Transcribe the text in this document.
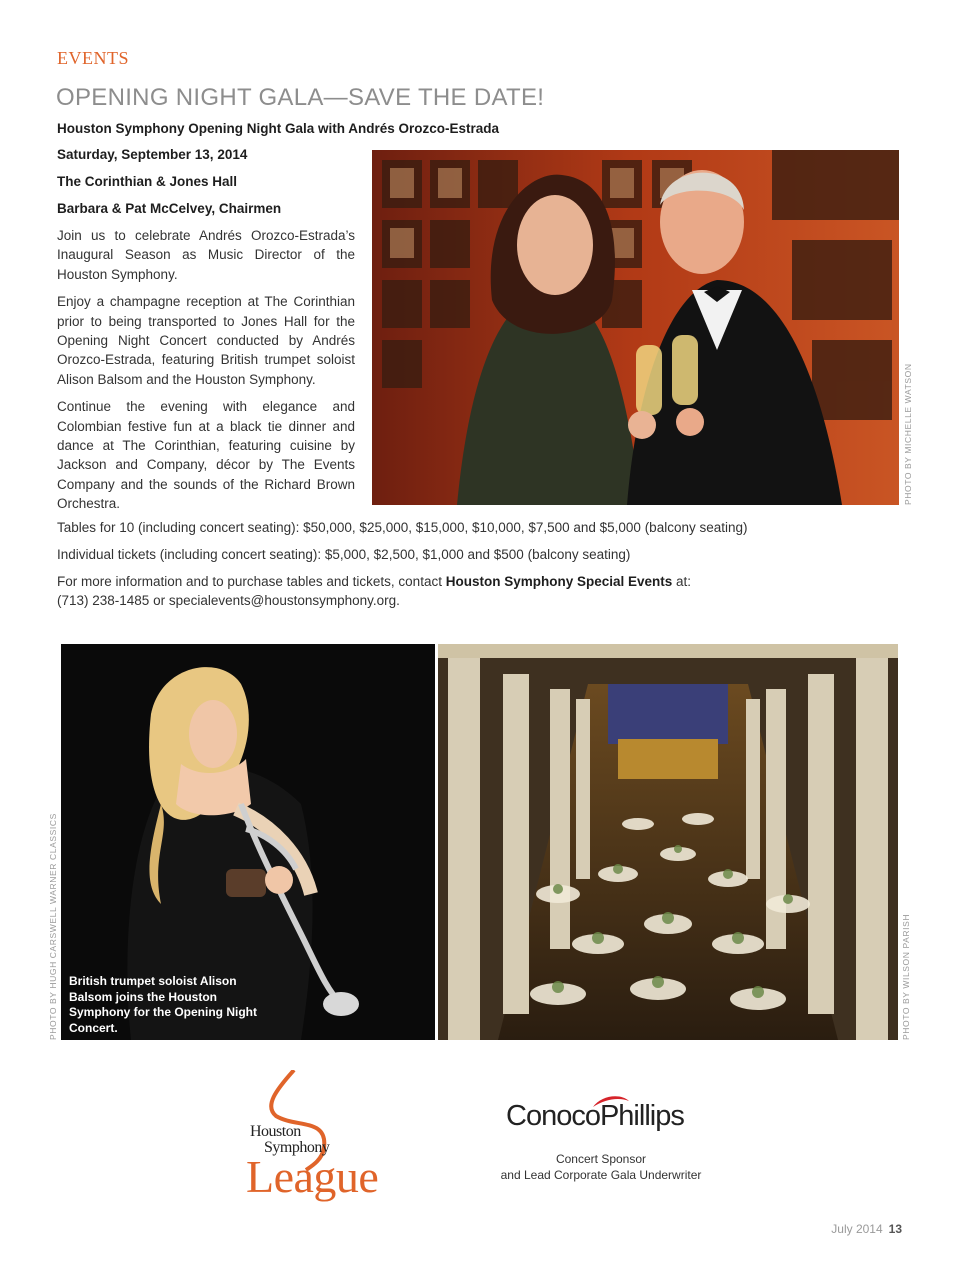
EVENTS
OPENING NIGHT GALA—SAVE THE DATE!

Houston Symphony Opening Night Gala with Andrés Orozco-Estrada

Saturday, September 13, 2014

The Corinthian & Jones Hall

Barbara & Pat McCelvey, Chairmen

Join us to celebrate Andrés Orozco-Estrada’s Inaugural Season as Music Director of the Houston Symphony.

Enjoy a champagne reception at The Corinthian prior to being transported to Jones Hall for the Opening Night Concert conducted by Andrés Orozco-Estrada, featuring British trumpet soloist Alison Balsom and the Houston Symphony.

Continue the evening with elegance and Colombian festive fun at a black tie dinner and dance at The Corinthian, featuring cuisine by Jackson and Company, décor by The Events Company and the sounds of the Richard Brown Orchestra.	PHOTO BY MICHELLE WATSON

Tables for 10 (including concert seating): $50,000, $25,000, $15,000, $10,000, $7,500 and $5,000 (balcony seating)

Individual tickets (including concert seating): $5,000, $2,500, $1,000 and $500 (balcony seating)

For more information and to purchase tables and tickets, contact Houston Symphony Special Events at:
(713) 238-1485 or specialevents@houstonsymphony.org.

British trumpet soloist Alison Balsom joins the Houston Symphony for the Opening Night Concert.

PHOTO BY HUGH CARSWELL WARNER CLASSICS	PHOTO BY WILSON PARISH
Houston
Symphony
League
ConocoPhillips

Concert Sponsor
and Lead Corporate Gala Underwriter

July 2014 13
